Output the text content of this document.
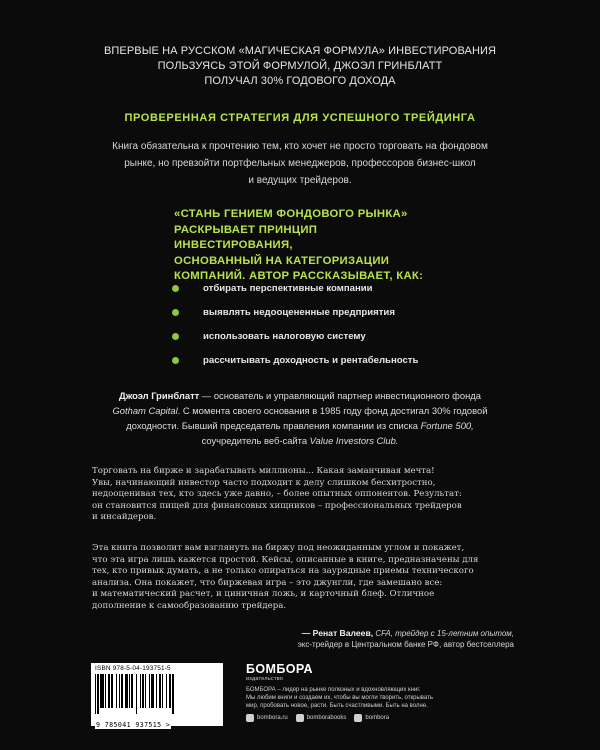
ВПЕРВЫЕ НА РУССКОМ «МАГИЧЕСКАЯ ФОРМУЛА» ИНВЕСТИРОВАНИЯ
ПОЛЬЗУЯСЬ ЭТОЙ ФОРМУЛОЙ, ДЖОЭЛ ГРИНБЛАТТ
ПОЛУЧАЛ 30% ГОДОВОГО ДОХОДА
ПРОВЕРЕННАЯ СТРАТЕГИЯ ДЛЯ УСПЕШНОГО ТРЕЙДИНГА
Книга обязательна к прочтению тем, кто хочет не просто торговать на фондовом
рынке, но превзойти портфельных менеджеров, профессоров бизнес-школ
и ведущих трейдеров.
«СТАНЬ ГЕНИЕМ ФОНДОВОГО РЫНКА»
РАСКРЫВАЕТ ПРИНЦИП ИНВЕСТИРОВАНИЯ,
ОСНОВАННЫЙ НА КАТЕГОРИЗАЦИИ
КОМПАНИЙ. АВТОР РАССКАЗЫВАЕТ, КАК:
отбирать перспективные компании
выявлять недооцененные предприятия
использовать налоговую систему
рассчитывать доходность и рентабельность
Джоэл Гринблатт — основатель и управляющий партнер инвестиционного фонда
Gotham Capital. С момента своего основания в 1985 году фонд достигал 30% годовой доходности. Бывший председатель правления компании из списка Fortune 500,
соучредитель веб-сайта Value Investors Club.
Торговать на бирже и зарабатывать миллионы... Какая заманчивая мечта!
Увы, начинающий инвестор часто подходит к делу слишком бесхитростно,
недооценивая тех, кто здесь уже давно, – более опытных оппонентов. Результат:
он становится пищей для финансовых хищников – профессиональных трейдеров
и инсайдеров.
Эта книга позволит вам взглянуть на биржу под неожиданным углом и покажет,
что эта игра лишь кажется простой. Кейсы, описанные в книге, предназначены для
тех, кто привык думать, а не только опираться на заурядные приемы технического
анализа. Она покажет, что биржевая игра – это джунгли, где замешано все:
и математический расчет, и циничная ложь, и карточный блеф. Отличное
дополнение к самообразованию трейдера.
— Ренат Валеев, CFA, трейдер с 15-летним опытом,
экс-трейдер в Центральном банке РФ, автор бестселлера
ISBN 978-5-04-193751-5
9 785041 937515 >
БОМБОРА
издательство
БОМБОРА – лидер на рынке полезных и вдохновляющих книг.
Мы любим книги и создаем их, чтобы вы могли творить, открывать
мир, пробовать новое, расти. Быть счастливыми. Быть на волне.
bombora.ru	bomborabooks	bombora
